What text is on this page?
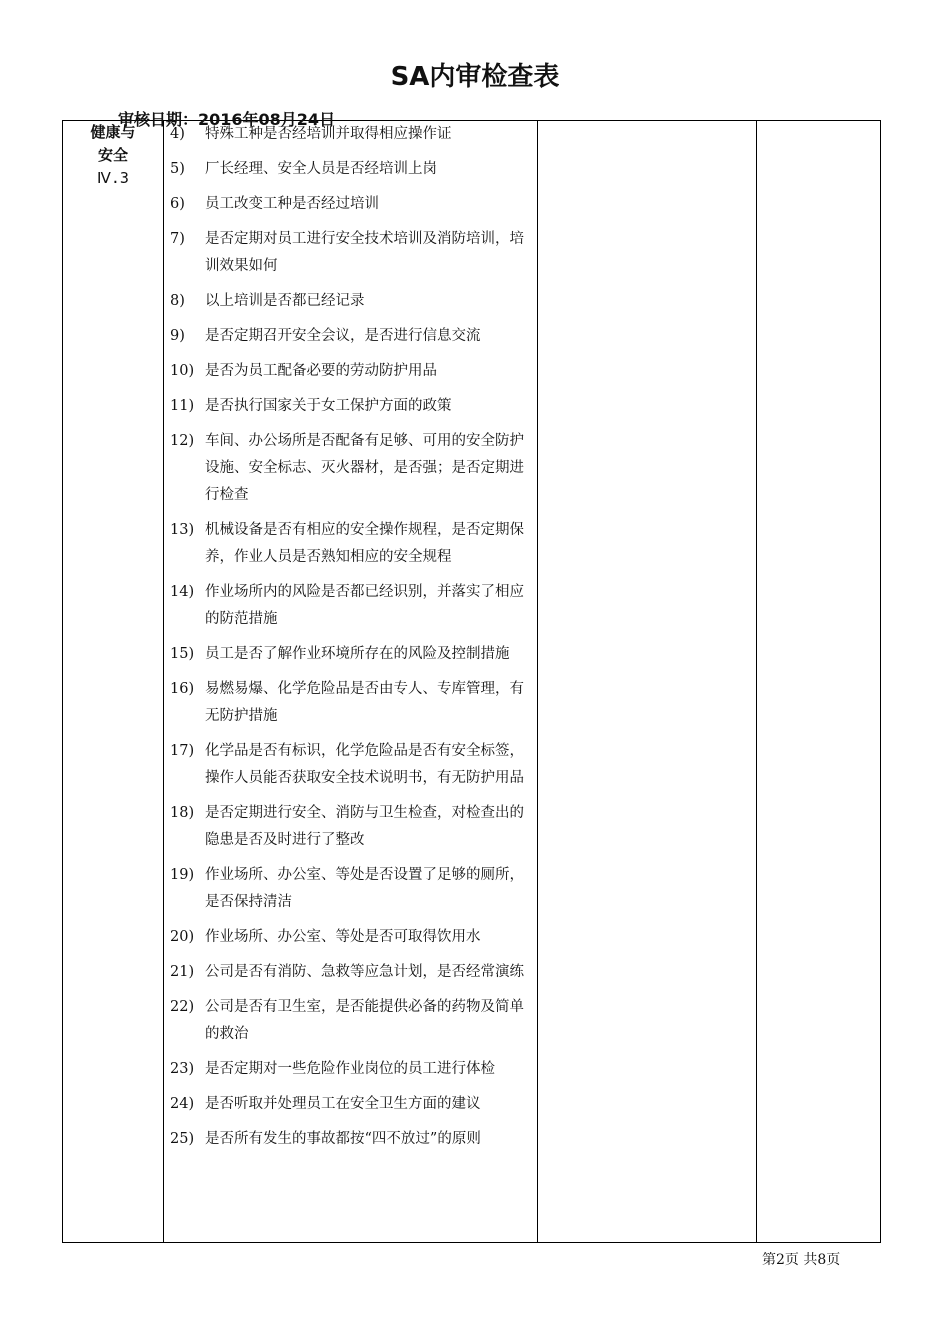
SA内审检查表
健康与
安全
Ⅳ.3

4)	特殊工种是否经培训并取得相应操作证
5)	厂长经理、安全人员是否经培训上岗
6)	员工改变工种是否经过培训
7)	是否定期对员工进行安全技术培训及消防培训，培训效果如何
8)	以上培训是否都已经记录
9)	是否定期召开安全会议，是否进行信息交流
10) 是否为员工配备必要的劳动防护用品
11) 是否执行国家关于女工保护方面的政策
12) 车间、办公场所是否配备有足够、可用的安全防护设施、安全标志、灭火器材，是否强；是否定期进行检查
13) 机械设备是否有相应的安全操作规程，是否定期保养，作业人员是否熟知相应的安全规程
14) 作业场所内的风险是否都已经识别，并落实了相应的防范措施
15) 员工是否了解作业环境所存在的风险及控制措施
16) 易燃易爆、化学危险品是否由专人、专库管理，有无防护措施
17) 化学品是否有标识，化学危险品是否有安全标签，操作人员能否获取安全技术说明书，有无防护用品
18) 是否定期进行安全、消防与卫生检查，对检查出的隐患是否及时进行了整改
19) 作业场所、办公室、等处是否设置了足够的厕所，是否保持清洁
20) 作业场所、办公室、等处是否可取得饮用水
21) 公司是否有消防、急救等应急计划，是否经常演练
22) 公司是否有卫生室，是否能提供必备的药物及简单的救治
23) 是否定期对一些危险作业岗位的员工进行体检
24) 是否听取并处理员工在安全卫生方面的建议
25) 是否所有发生的事故都按“四不放过”的原则

审核日期：2016年08月24日
第2页 共8页
